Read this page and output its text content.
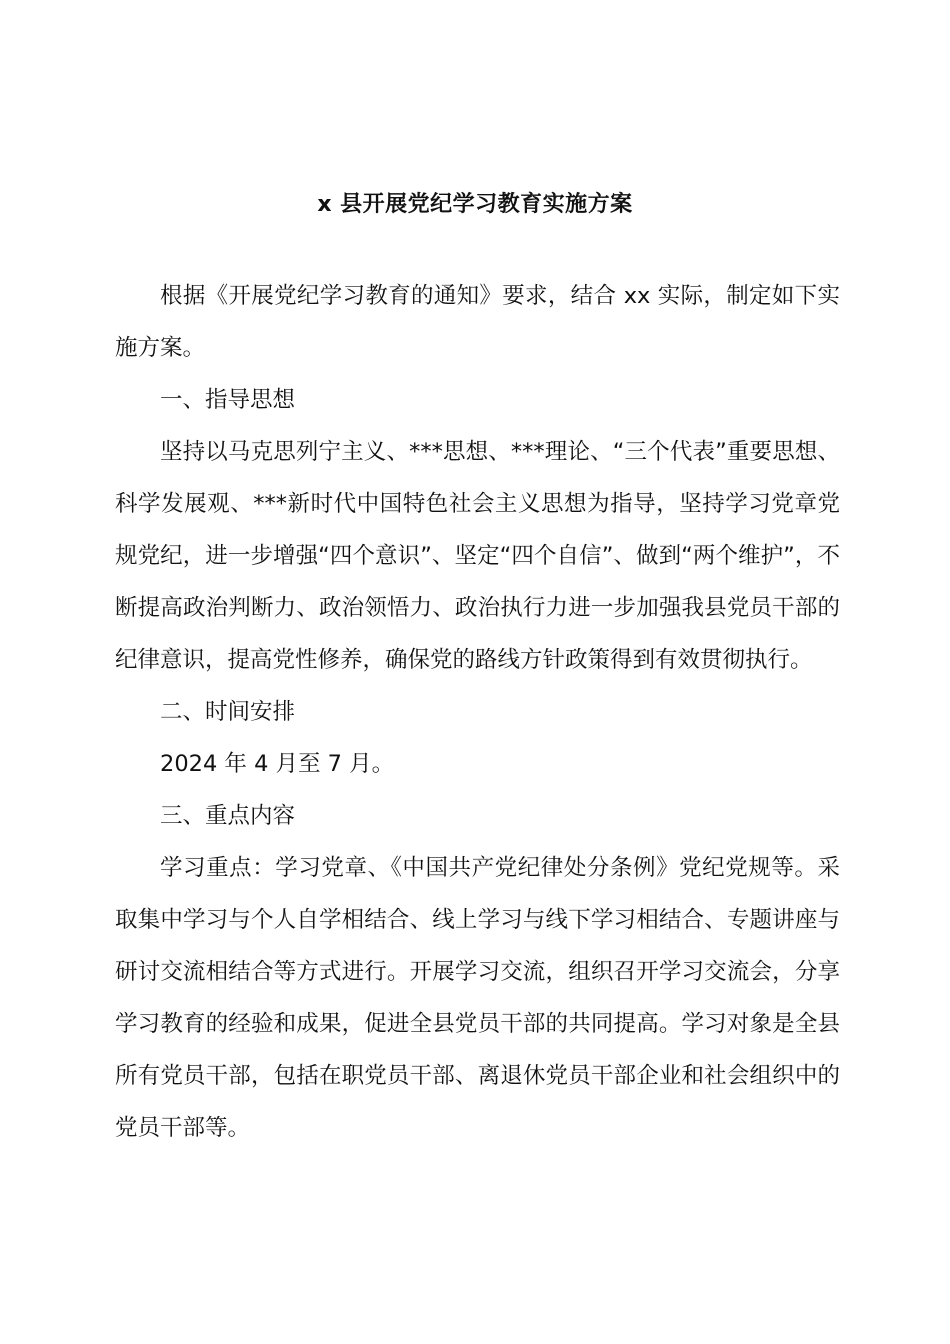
x 县开展党纪学习教育实施方案

根据《开展党纪学习教育的通知》要求，结合 xx 实际，制定如下实施方案。

一、指导思想

坚持以马克思列宁主义、***思想、***理论、“三个代表”重要思想、科学发展观、***新时代中国特色社会主义思想为指导，坚持学习党章党规党纪，进一步增强“四个意识”、坚定“四个自信”、做到“两个维护”，不断提高政治判断力、政治领悟力、政治执行力进一步加强我县党员干部的纪律意识，提高党性修养，确保党的路线方针政策得到有效贯彻执行。

二、时间安排

2024 年 4 月至 7 月。

三、重点内容

学习重点：学习党章、《中国共产党纪律处分条例》党纪党规等。采取集中学习与个人自学相结合、线上学习与线下学习相结合、专题讲座与研讨交流相结合等方式进行。开展学习交流，组织召开学习交流会，分享学习教育的经验和成果，促进全县党员干部的共同提高。学习对象是全县所有党员干部，包括在职党员干部、离退休党员干部企业和社会组织中的党员干部等。
